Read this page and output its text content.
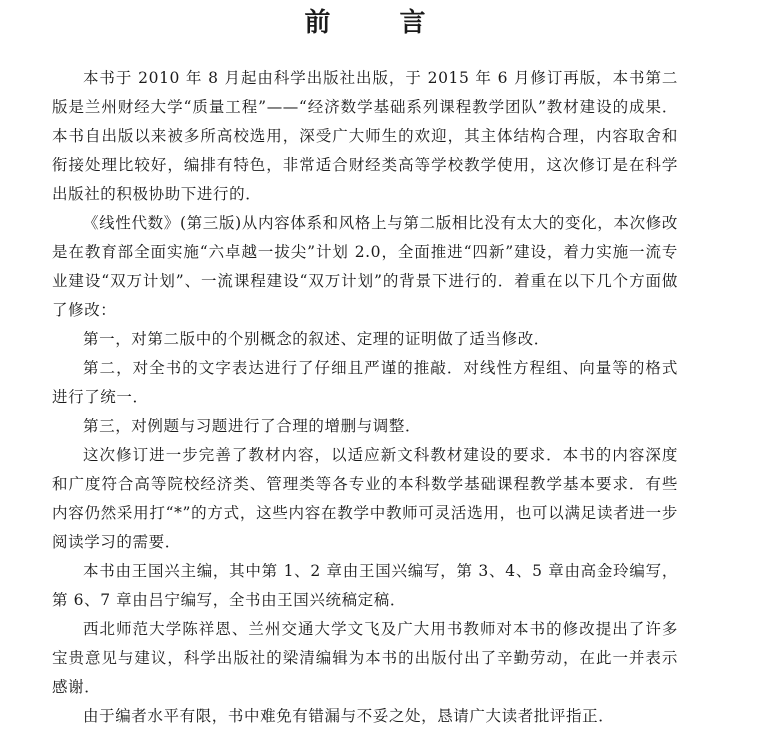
前 言

本书于 2010 年 8 月起由科学出版社出版，于 2015 年 6 月修订再版，本书第二版是兰州财经大学“质量工程”——“经济数学基础系列课程教学团队”教材建设的成果．本书自出版以来被多所高校选用，深受广大师生的欢迎，其主体结构合理，内容取舍和衔接处理比较好，编排有特色，非常适合财经类高等学校教学使用，这次修订是在科学出版社的积极协助下进行的．

《线性代数》(第三版)从内容体系和风格上与第二版相比没有太大的变化，本次修改是在教育部全面实施“六卓越一拔尖”计划 2.0，全面推进“四新”建设，着力实施一流专业建设“双万计划”、一流课程建设“双万计划”的背景下进行的．着重在以下几个方面做了修改：

第一，对第二版中的个别概念的叙述、定理的证明做了适当修改．

第二，对全书的文字表达进行了仔细且严谨的推敲．对线性方程组、向量等的格式进行了统一．

第三，对例题与习题进行了合理的增删与调整．

这次修订进一步完善了教材内容，以适应新文科教材建设的要求．本书的内容深度和广度符合高等院校经济类、管理类等各专业的本科数学基础课程教学基本要求．有些内容仍然采用打“*”的方式，这些内容在教学中教师可灵活选用，也可以满足读者进一步阅读学习的需要．

本书由王国兴主编，其中第 1、2 章由王国兴编写，第 3、4、5 章由高金玲编写，第 6、7 章由吕宁编写，全书由王国兴统稿定稿．

西北师范大学陈祥恩、兰州交通大学文飞及广大用书教师对本书的修改提出了许多宝贵意见与建议，科学出版社的梁清编辑为本书的出版付出了辛勤劳动，在此一并表示感谢．

由于编者水平有限，书中难免有错漏与不妥之处，恳请广大读者批评指正．
